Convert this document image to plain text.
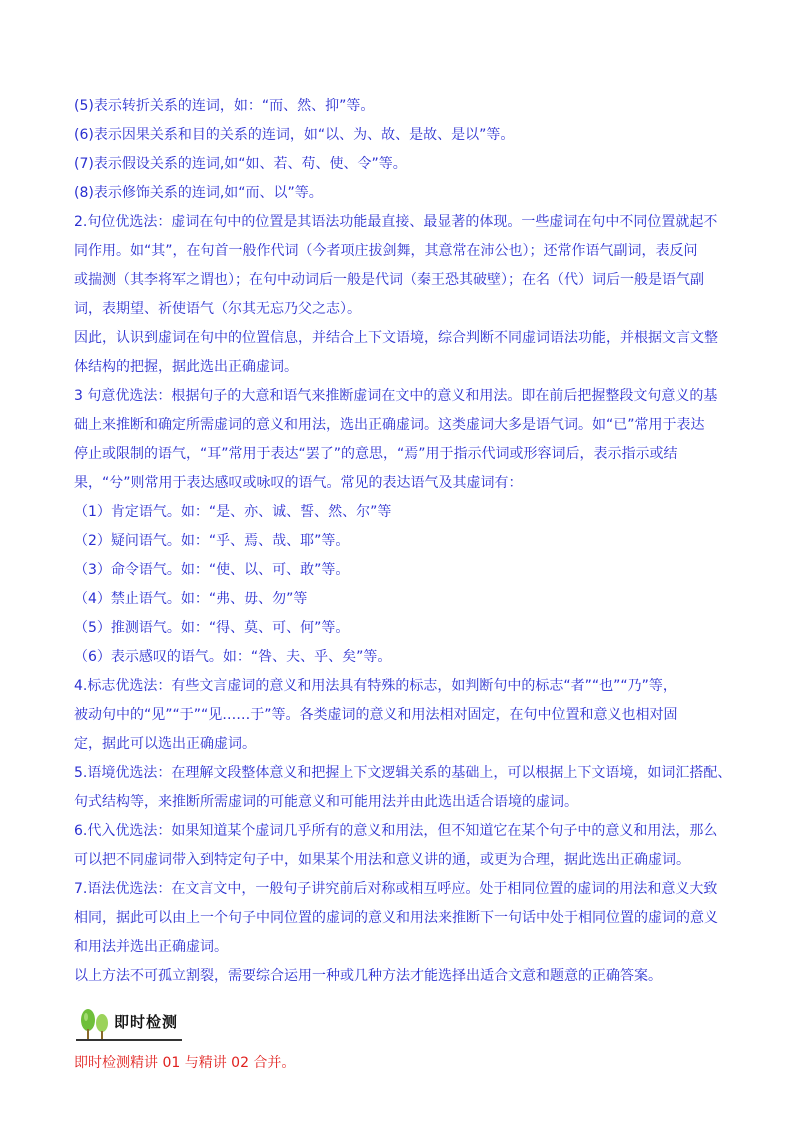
(5)表示转折关系的连词，如：“而、然、抑”等。

(6)表示因果关系和目的关系的连词，如“以、为、故、是故、是以”等。

(7)表示假设关系的连词,如“如、若、苟、使、令”等。

(8)表示修饰关系的连词,如“而、以”等。

2.句位优选法：虚词在句中的位置是其语法功能最直接、最显著的体现。一些虚词在句中不同位置就起不
同作用。如“其”，在句首一般作代词（今者项庄拔剑舞，其意常在沛公也）；还常作语气副词，表反问
或揣测（其李将军之谓也）；在句中动词后一般是代词（秦王恐其破壁）；在名（代）词后一般是语气副
词，表期望、祈使语气（尔其无忘乃父之志）。
因此，认识到虚词在句中的位置信息，并结合上下文语境，综合判断不同虚词语法功能，并根据文言文整
体结构的把握，据此选出正确虚词。
3 句意优选法：根据句子的大意和语气来推断虚词在文中的意义和用法。即在前后把握整段文句意义的基
础上来推断和确定所需虚词的意义和用法，选出正确虚词。这类虚词大多是语气词。如“已”常用于表达
停止或限制的语气，“耳”常用于表达“罢了”的意思，“焉”用于指示代词或形容词后，表示指示或结
果，“兮”则常用于表达感叹或咏叹的语气。常见的表达语气及其虚词有：

（1）肯定语气。如：“是、亦、诚、誓、然、尔”等

（2）疑问语气。如：“乎、焉、哉、耶”等。

（3）命令语气。如：“使、以、可、敢”等。

（4）禁止语气。如：“弗、毋、勿”等

（5）推测语气。如：“得、莫、可、何”等。

（6）表示感叹的语气。如：“咎、夫、乎、矣”等。

4.标志优选法：有些文言虚词的意义和用法具有特殊的标志，如判断句中的标志“者”“也”“乃”等，
被动句中的“见”“于”“见……于”等。各类虚词的意义和用法相对固定，在句中位置和意义也相对固
定，据此可以选出正确虚词。
5.语境优选法：在理解文段整体意义和把握上下文逻辑关系的基础上，可以根据上下文语境，如词汇搭配、
句式结构等，来推断所需虚词的可能意义和可能用法并由此选出适合语境的虚词。
6.代入优选法：如果知道某个虚词几乎所有的意义和用法，但不知道它在某个句子中的意义和用法，那么
可以把不同虚词带入到特定句子中，如果某个用法和意义讲的通，或更为合理，据此选出正确虚词。
7.语法优选法：在文言文中，一般句子讲究前后对称或相互呼应。处于相同位置的虚词的用法和意义大致
相同，据此可以由上一个句子中同位置的虚词的意义和用法来推断下一句话中处于相同位置的虚词的意义
和用法并选出正确虚词。

以上方法不可孤立割裂，需要综合运用一种或几种方法才能选择出适合文意和题意的正确答案。

即时检测
即时检测精讲 01 与精讲 02 合并。
